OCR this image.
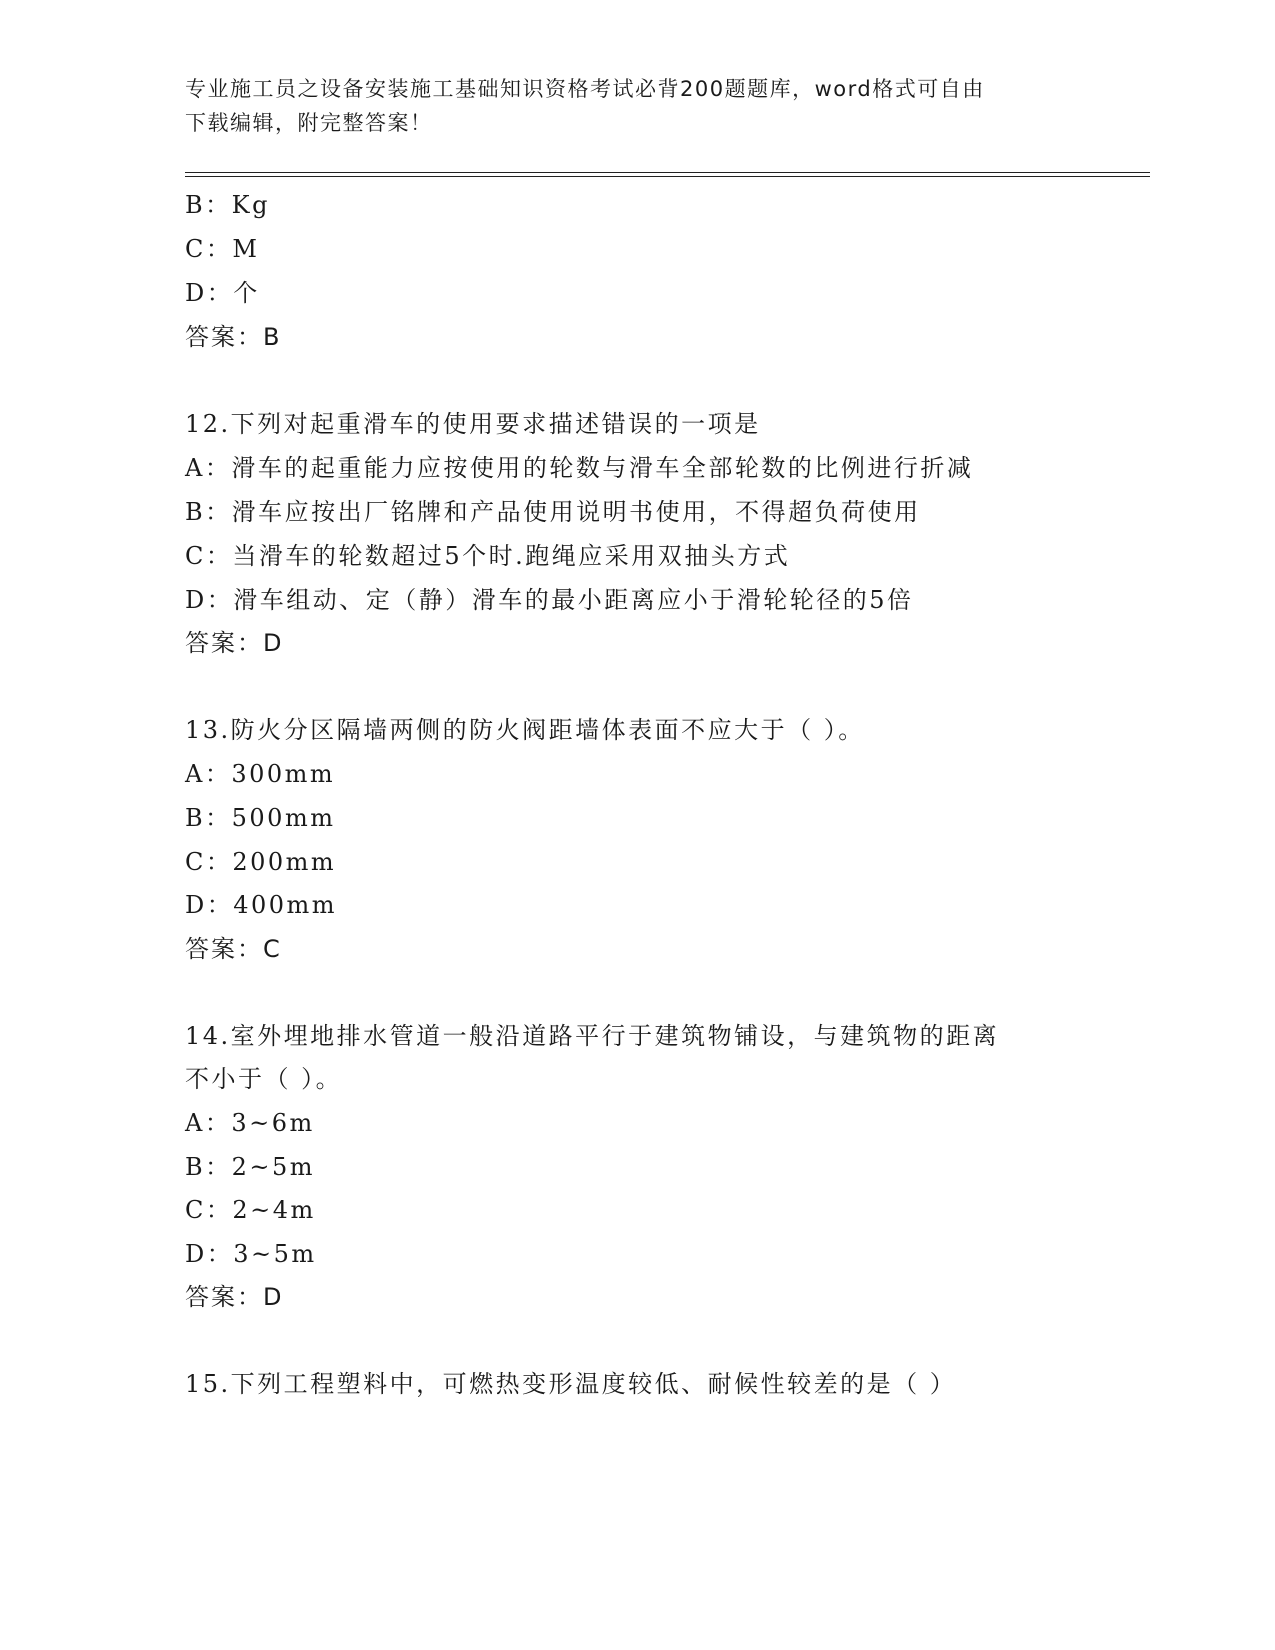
专业施工员之设备安装施工基础知识资格考试必背200题题库，word格式可自由
下载编辑，附完整答案！
B：Kg
C：M
D：个
答案：B
12.下列对起重滑车的使用要求描述错误的一项是
A：滑车的起重能力应按使用的轮数与滑车全部轮数的比例进行折减
B：滑车应按出厂铭牌和产品使用说明书使用，不得超负荷使用
C：当滑车的轮数超过5个时.跑绳应采用双抽头方式
D：滑车组动、定（静）滑车的最小距离应小于滑轮轮径的5倍
答案：D
13.防火分区隔墙两侧的防火阀距墙体表面不应大于（ ）。
A：300mm
B：500mm
C：200mm
D：400mm
答案：C
14.室外埋地排水管道一般沿道路平行于建筑物铺设，与建筑物的距离
不小于（ ）。
A：3~6m
B：2~5m
C：2~4m
D：3~5m
答案：D
15.下列工程塑料中，可燃热变形温度较低、耐候性较差的是（ ）
